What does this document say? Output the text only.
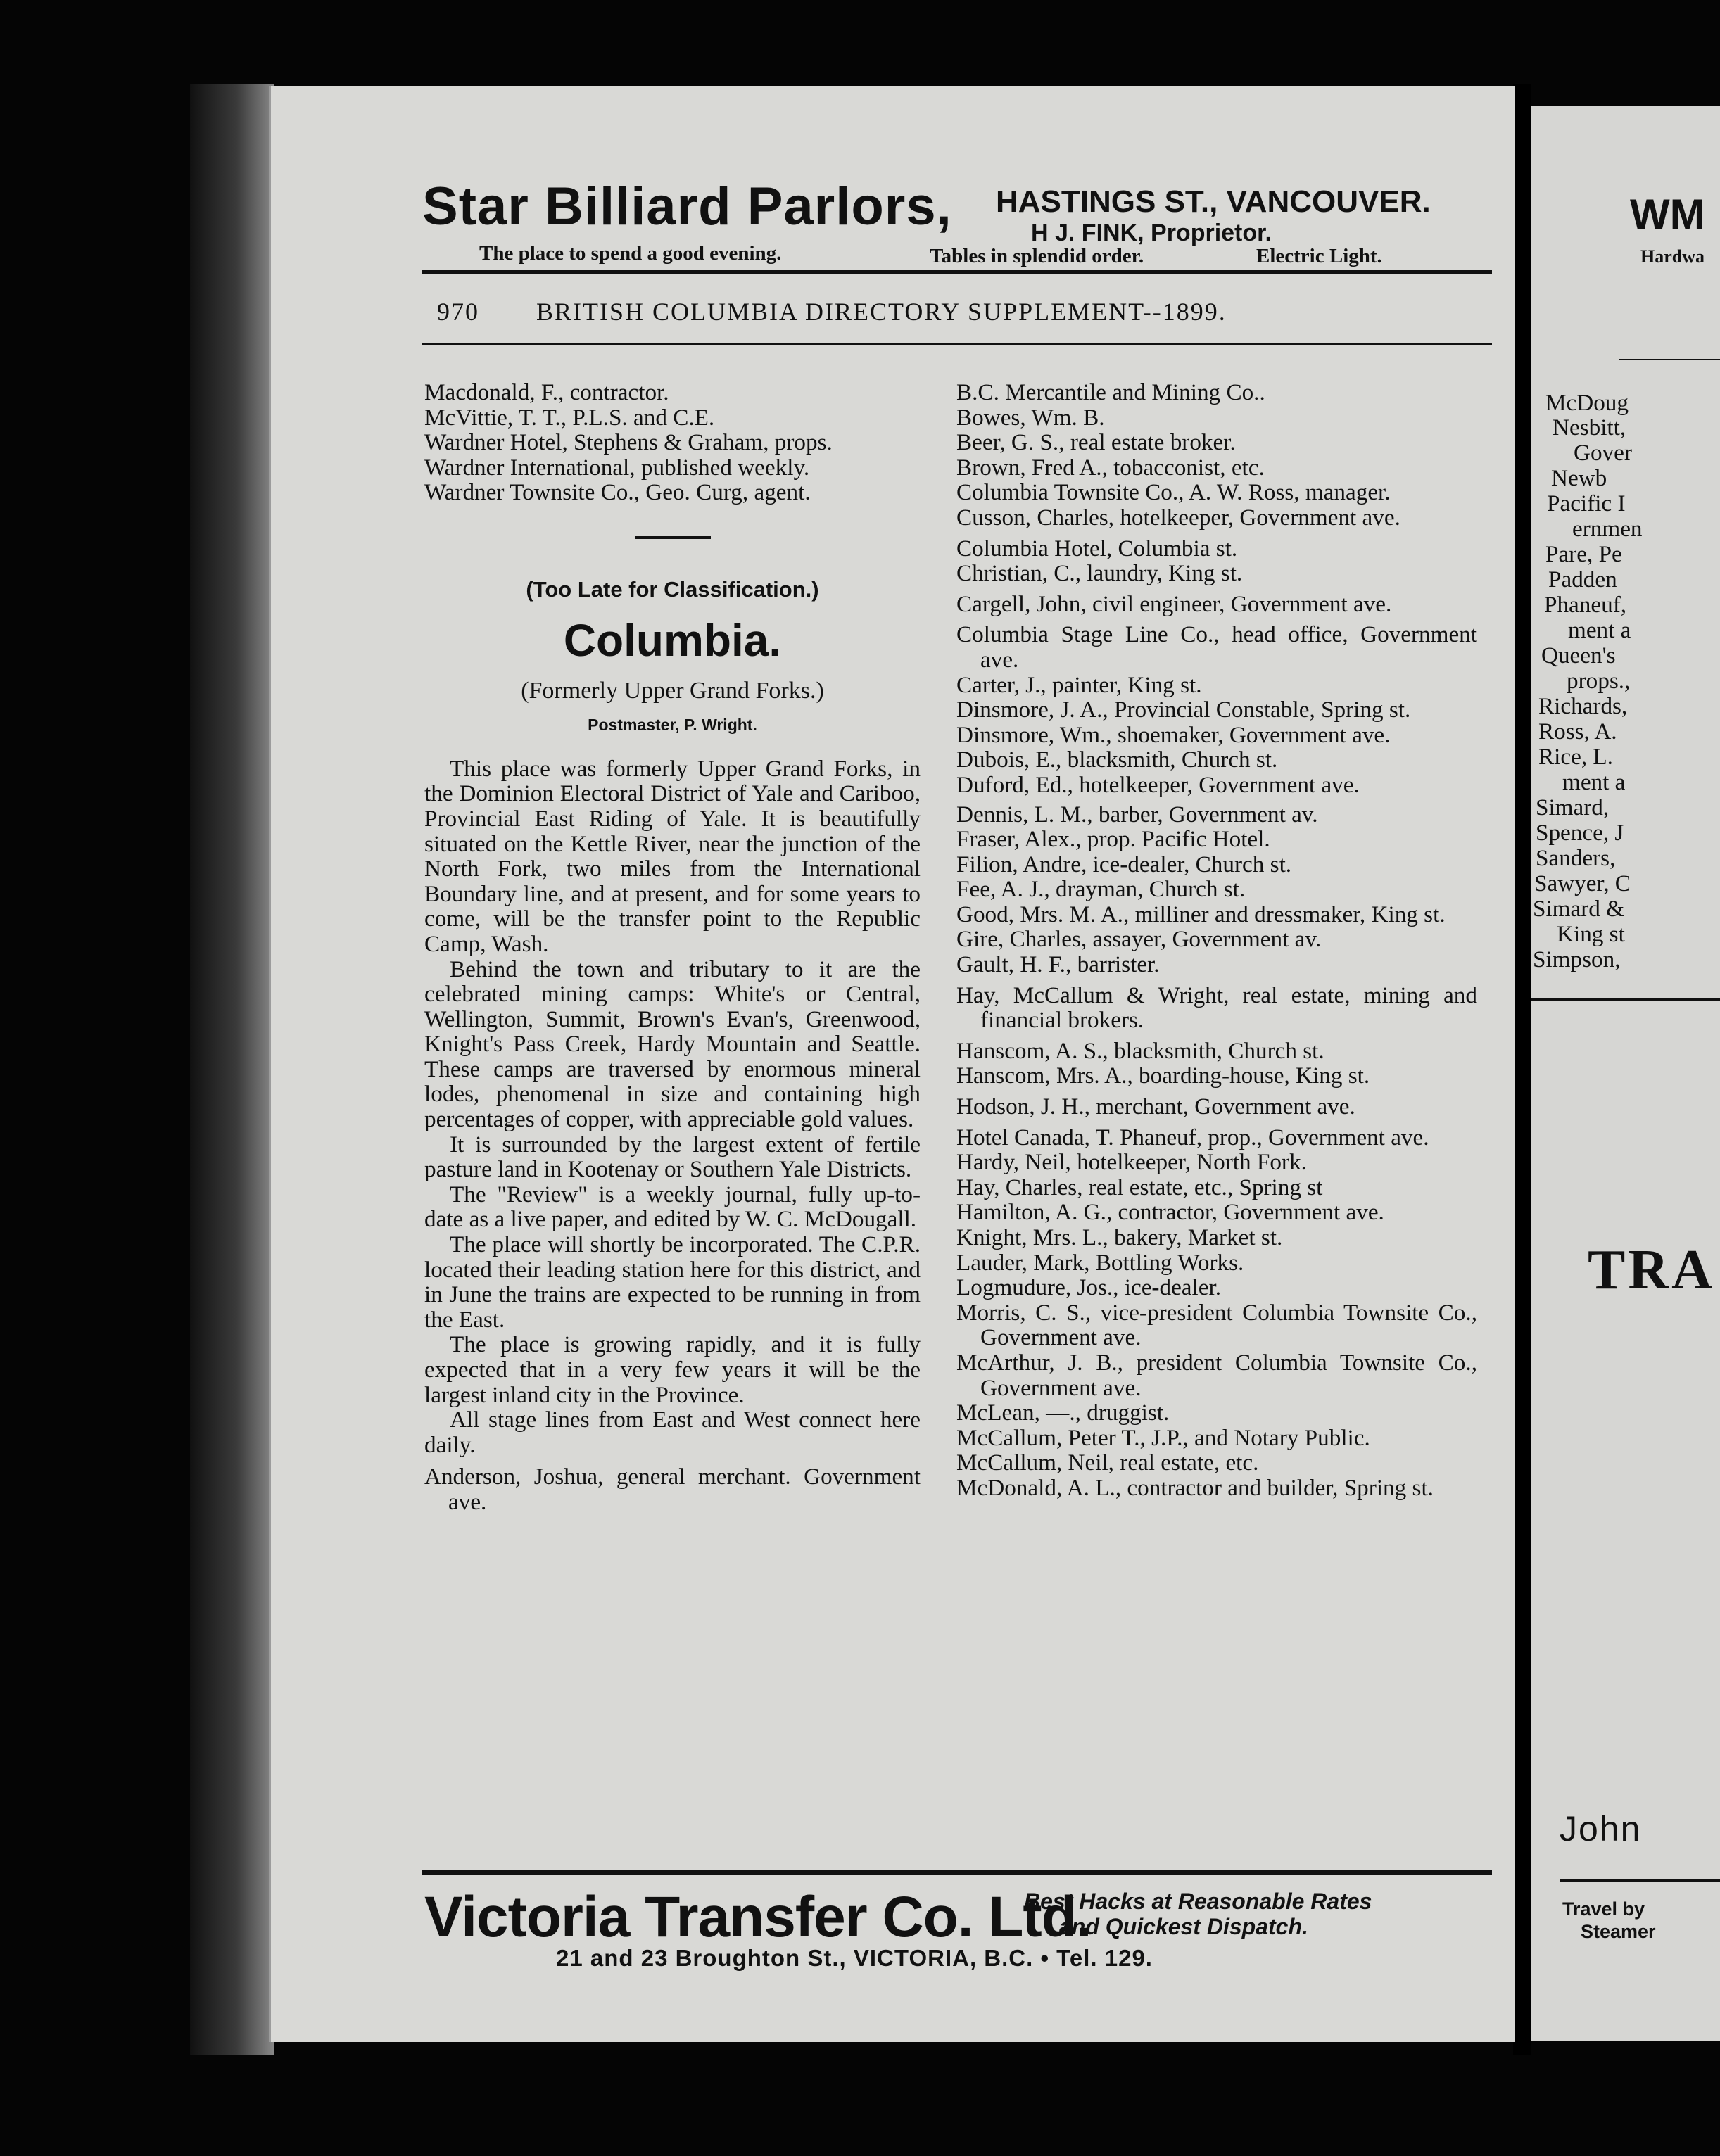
Star Billiard Parlors, HASTINGS ST., VANCOUVER.
H J. FINK, Proprietor.
The place to spend a good evening.	Tables in splendid order.	Electric Light.
970 BRITISH COLUMBIA DIRECTORY SUPPLEMENT--1899.
Macdonald, F., contractor.
McVittie, T. T., P.L.S. and C.E.
Wardner Hotel, Stephens & Graham, props.
Wardner International, published weekly.
Wardner Townsite Co., Geo. Curg, agent.
(Too Late for Classification.)
Columbia.
(Formerly Upper Grand Forks.)
Postmaster, P. Wright.
This place was formerly Upper Grand Forks, in the Dominion Electoral District of Yale and Cariboo, Provincial East Riding of Yale. It is beautifully situated on the Kettle River, near the junction of the North Fork, two miles from the International Boundary line, and at present, and for some years to come, will be the transfer point to the Republic Camp, Wash.
Behind the town and tributary to it are the celebrated mining camps: White's or Central, Wellington, Summit, Brown's Evan's, Greenwood, Knight's Pass Creek, Hardy Mountain and Seattle. These camps are traversed by enormous mineral lodes, phenomenal in size and containing high percentages of copper, with appreciable gold values.
It is surrounded by the largest extent of fertile pasture land in Kootenay or Southern Yale Districts.
The "Review" is a weekly journal, fully up-to-date as a live paper, and edited by W. C. McDougall.
The place will shortly be incorporated. The C.P.R. located their leading station here for this district, and in June the trains are expected to be running in from the East.
The place is growing rapidly, and it is fully expected that in a very few years it will be the largest inland city in the Province.
All stage lines from East and West connect here daily.
Anderson, Joshua, general merchant. Government ave.
B.C. Mercantile and Mining Co..
Bowes, Wm. B.
Beer, G. S., real estate broker.
Brown, Fred A., tobacconist, etc.
Columbia Townsite Co., A. W. Ross, manager.
Cusson, Charles, hotelkeeper, Government ave.
Columbia Hotel, Columbia st.
Christian, C., laundry, King st.
Cargell, John, civil engineer, Government ave.
Columbia Stage Line Co., head office, Government ave.
Carter, J., painter, King st.
Dinsmore, J. A., Provincial Constable, Spring st.
Dinsmore, Wm., shoemaker, Government ave.
Dubois, E., blacksmith, Church st.
Duford, Ed., hotelkeeper, Government ave.
Dennis, L. M., barber, Government av.
Fraser, Alex., prop. Pacific Hotel.
Filion, Andre, ice-dealer, Church st.
Fee, A. J., drayman, Church st.
Good, Mrs. M. A., milliner and dressmaker, King st.
Gire, Charles, assayer, Government av.
Gault, H. F., barrister.
Hay, McCallum & Wright, real estate, mining and financial brokers.
Hanscom, A. S., blacksmith, Church st.
Hanscom, Mrs. A., boarding-house, King st.
Hodson, J. H., merchant, Government ave.
Hotel Canada, T. Phaneuf, prop., Government ave.
Hardy, Neil, hotelkeeper, North Fork.
Hay, Charles, real estate, etc., Spring st
Hamilton, A. G., contractor, Government ave.
Knight, Mrs. L., bakery, Market st.
Lauder, Mark, Bottling Works.
Logmudure, Jos., ice-dealer.
Morris, C. S., vice-president Columbia Townsite Co., Government ave.
McArthur, J. B., president Columbia Townsite Co., Government ave.
McLean, —., druggist.
McCallum, Peter T., J.P., and Notary Public.
McCallum, Neil, real estate, etc.
McDonald, A. L., contractor and builder, Spring st.
Victoria Transfer Co. Ltd.
Best Hacks at Reasonable Rates
and Quickest Dispatch.
21 and 23 Broughton St., VICTORIA, B.C. • Tel. 129.
WM
Hardwa
McDoug
Nesbitt,
Gover
Newb
Pacific I
ernmen
Pare, Pe
Padden
Phaneuf,
ment a
Queen's
props.,
Richards,
Ross, A.
Rice, L.
ment a
Simard,
Spence, J
Sanders,
Sawyer, C
Simard &
King st
Simpson,
TRA
John
Travel by
Steamer
